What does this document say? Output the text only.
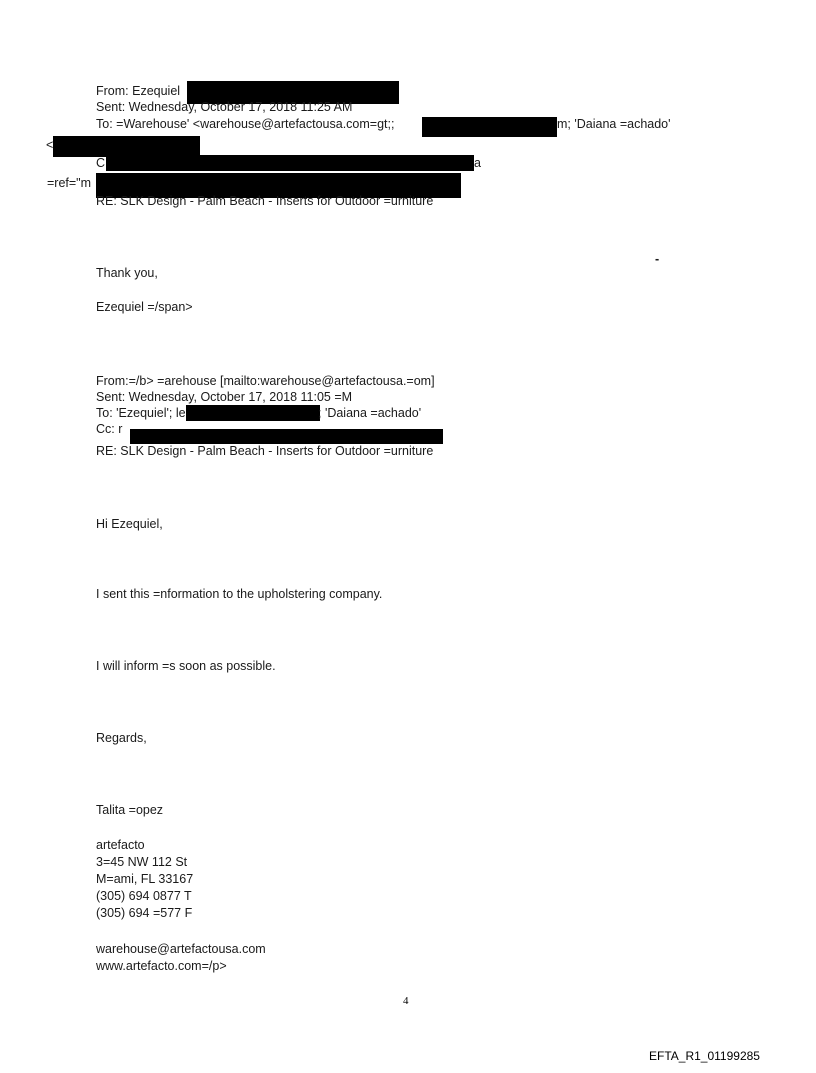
From: Ezequiel
Sent: Wednesday, October 17, 2018 11:25 AM
To: =Warehouse' <warehouse@artefactousa.com=gt;;	m; 'Daiana =achado'
<
C	a
=ref="m
RE: SLK Design - Palm Beach - Inserts for Outdoor =urniture
-
Thank you,
Ezequiel =/span>
From:=/b> =arehouse [mailto:warehouse@artefactousa.=om]
Sent: Wednesday, October 17, 2018 11:05 =M
To: 'Ezequiel'; le	; 'Daiana =achado'
Cc: r
RE: SLK Design - Palm Beach - Inserts for Outdoor =urniture
Hi Ezequiel,
I sent this =nformation to the upholstering company.
I will inform =s soon as possible.
Regards,
Talita =opez
artefacto
3=45 NW 112 St
M=ami, FL 33167
(305) 694 0877 T
(305) 694 =577 F
warehouse@artefactousa.com
www.artefacto.com=/p>
4
EFTA_R1_01199285
